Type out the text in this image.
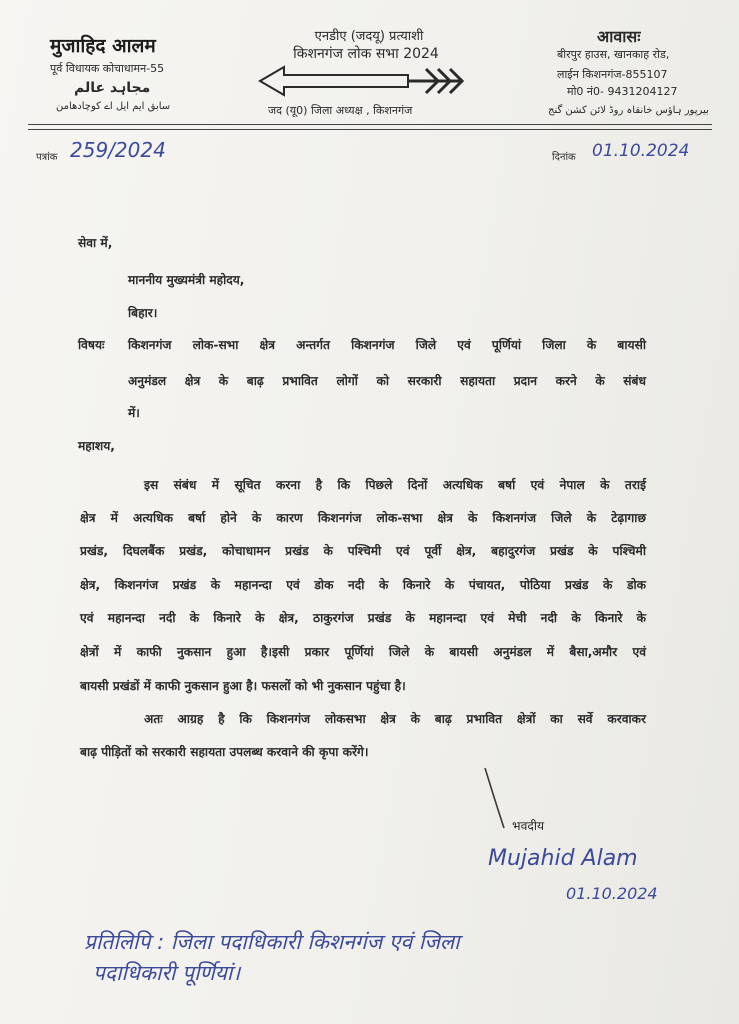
मुजाहिद आलम
पूर्व विधायक कोचाधामन-55
مجاہد عالم
سابق ایم ایل اے کوچادھامن
एनडीए (जदयू) प्रत्याशी
किशनगंज लोक सभा 2024
जद (यू0) जिला अध्यक्ष , किशनगंज
आवासः
बीरपुर हाउस, खानकाह रोड,
लाईन किशनगंज-855107
मो0 नं0- 9431204127
بیرپور ہاؤس خانقاہ روڈ لائن کشن گنج
पत्रांक 259/2024	दिनांक 01.10.2024
सेवा में,
माननीय मुख्यमंत्री महोदय,
बिहार।
विषयः किशनगंज लोक-सभा क्षेत्र अन्तर्गत किशनगंज जिले एवं पूर्णियां जिला के बायसी
अनुमंडल क्षेत्र के बाढ़ प्रभावित लोगों को सरकारी सहायता प्रदान करने के संबंध
में।
महाशय,
इस संबंध में सूचित करना है कि पिछले दिनों अत्यधिक बर्षा एवं नेपाल के तराई
क्षेत्र में अत्यधिक बर्षा होने के कारण किशनगंज लोक-सभा क्षेत्र के किशनगंज जिले के टेढ़ागाछ
प्रखंड, दिघलबैंक प्रखंड, कोचाधामन प्रखंड के पश्चिमी एवं पूर्वी क्षेत्र, बहादुरगंज प्रखंड के पश्चिमी
क्षेत्र, किशनगंज प्रखंड के महानन्दा एवं डोक नदी के किनारे के पंचायत, पोठिया प्रखंड के डोक
एवं महानन्दा नदी के किनारे के क्षेत्र, ठाकुरगंज प्रखंड के महानन्दा एवं मेची नदी के किनारे के
क्षेत्रों में काफी नुकसान हुआ है।इसी प्रकार पूर्णियां जिले के बायसी अनुमंडल में बैसा,अमौर एवं
बायसी प्रखंडों में काफी नुकसान हुआ है। फसलों को भी नुकसान पहुंचा है।
अतः आग्रह है कि किशनगंज लोकसभा क्षेत्र के बाढ़ प्रभावित क्षेत्रों का सर्वे करवाकर
बाढ़ पीड़ितों को सरकारी सहायता उपलब्ध करवाने की कृपा करेंगे।
भवदीय
Mujahid Alam
01.10.2024
प्रतिलिपि : जिला पदाधिकारी किशनगंज एवं जिला
पदाधिकारी पूर्णियां।
